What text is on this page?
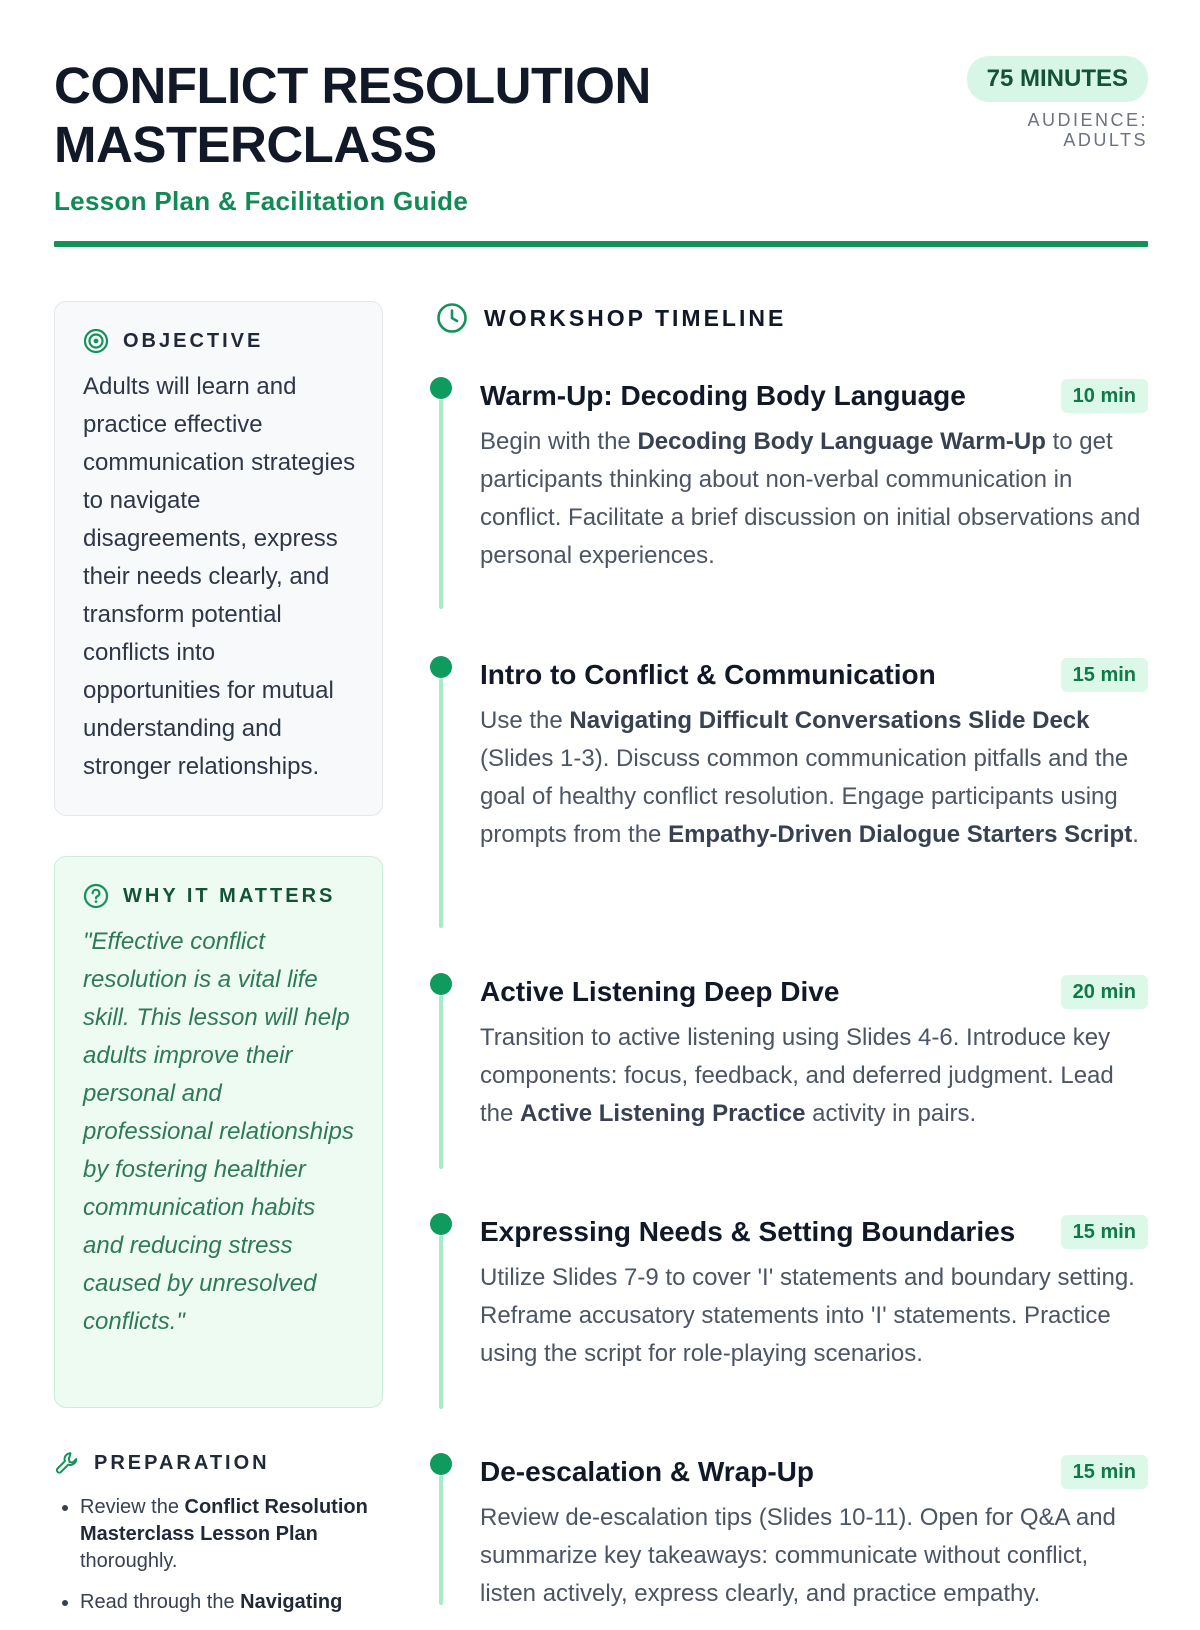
CONFLICT RESOLUTION
MASTERCLASS
Lesson Plan & Facilitation Guide
75 MINUTES
AUDIENCE:
ADULTS
OBJECTIVE
Adults will learn and practice effective communication strategies to navigate disagreements, express their needs clearly, and transform potential conflicts into opportunities for mutual understanding and stronger relationships.
WHY IT MATTERS
"Effective conflict resolution is a vital life skill. This lesson will help adults improve their personal and professional relationships by fostering healthier communication habits and reducing stress caused by unresolved conflicts."
PREPARATION
• Review the Conflict Resolution Masterclass Lesson Plan thoroughly.
• Read through the Navigating
WORKSHOP TIMELINE
Warm-Up: Decoding Body Language	10 min
Begin with the Decoding Body Language Warm-Up to get participants thinking about non-verbal communication in conflict. Facilitate a brief discussion on initial observations and personal experiences.
Intro to Conflict & Communication	15 min
Use the Navigating Difficult Conversations Slide Deck (Slides 1-3). Discuss common communication pitfalls and the goal of healthy conflict resolution. Engage participants using prompts from the Empathy-Driven Dialogue Starters Script.
Active Listening Deep Dive	20 min
Transition to active listening using Slides 4-6. Introduce key components: focus, feedback, and deferred judgment. Lead the Active Listening Practice activity in pairs.
Expressing Needs & Setting Boundaries	15 min
Utilize Slides 7-9 to cover 'I' statements and boundary setting. Reframe accusatory statements into 'I' statements. Practice using the script for role-playing scenarios.
De-escalation & Wrap-Up	15 min
Review de-escalation tips (Slides 10-11). Open for Q&A and summarize key takeaways: communicate without conflict, listen actively, express clearly, and practice empathy.
